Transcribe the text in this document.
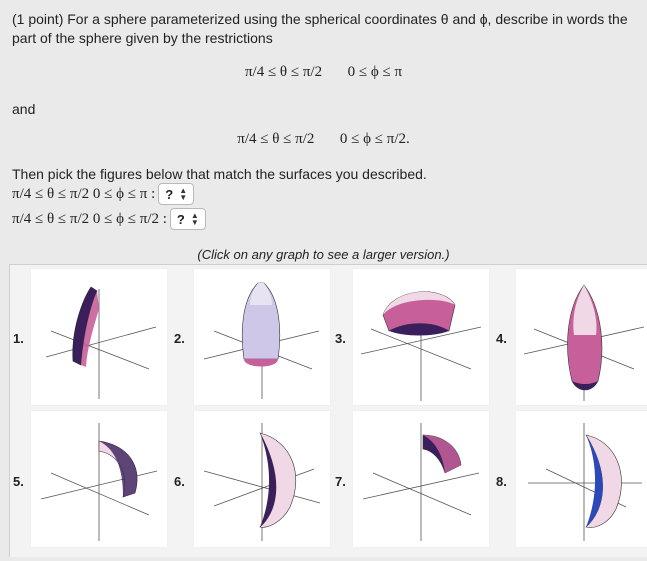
(1 point) For a sphere parameterized using the spherical coordinates θ and ϕ, describe in words the part of the sphere given by the restrictions
π/4 ≤ θ ≤ π/2 0 ≤ ϕ ≤ π
and
π/4 ≤ θ ≤ π/2 0 ≤ ϕ ≤ π/2.
Then pick the figures below that match the surfaces you described.
π/4 ≤ θ ≤ π/2 0 ≤ ϕ ≤ π : ? ▲
▼
π/4 ≤ θ ≤ π/2 0 ≤ ϕ ≤ π/2 : ? ▲
▼
(Click on any graph to see a larger version.)
1.	2.	3.	4.
5.	6.	7.	8.
